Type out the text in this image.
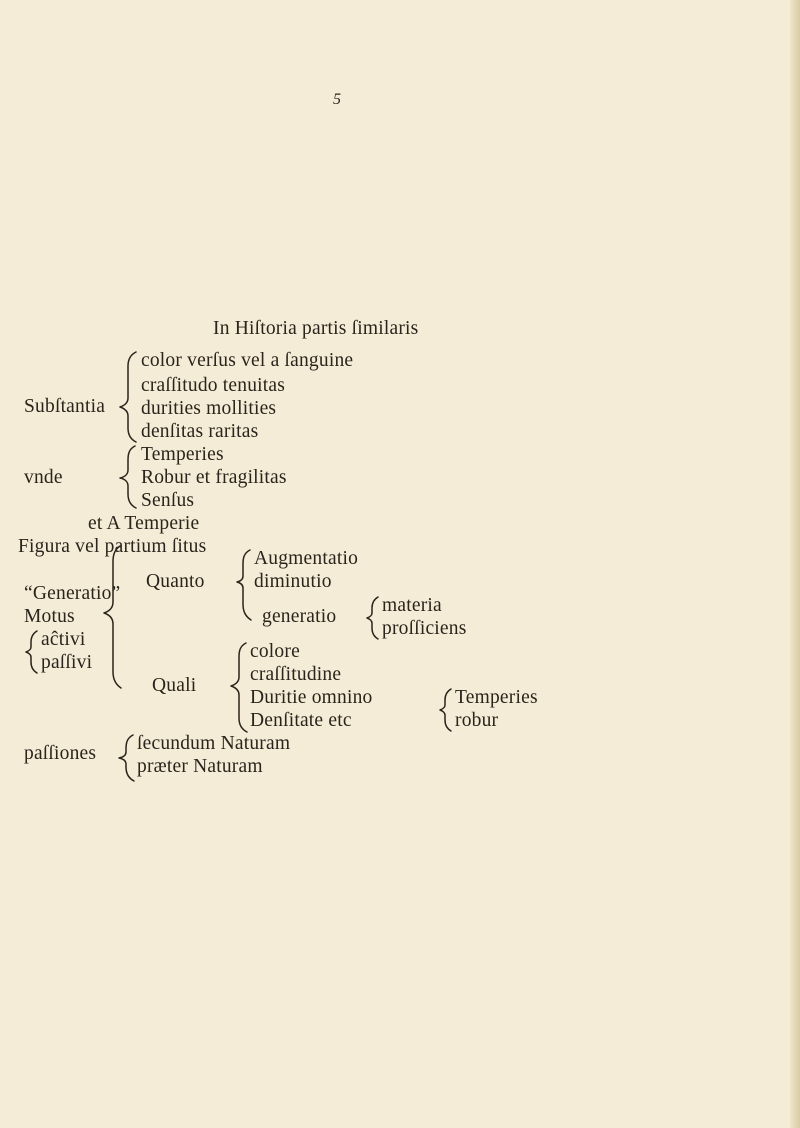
5
In Hiſtoria partis ſimilaris
Subſtantia
color verſus vel a ſanguine
craſſitudo tenuitas
durities mollities
denſitas raritas
vnde
Temperies
Robur et fragilitas
Senſus
et A Temperie
Figura vel partium ſitus
“Generatio”
Motus
aĉtivi
paſſivi
Quanto
Augmentatio
diminutio
generatio
materia
proſſiciens
Quali
colore
craſſitudine
Duritie omnino
Denſitate etc
Temperies
robur
paſſiones ſecundum Naturam
præter Naturam
